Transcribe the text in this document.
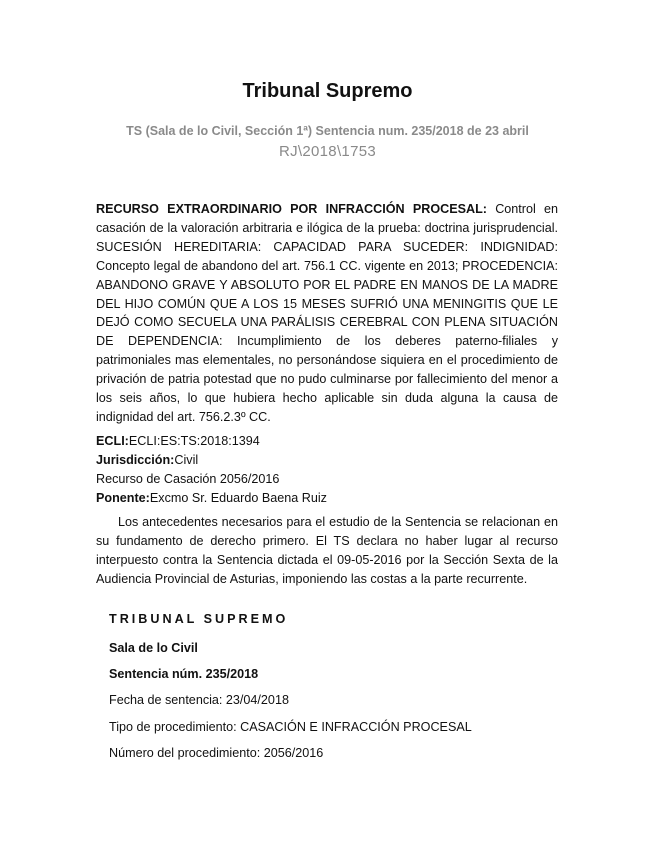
Tribunal Supremo
TS (Sala de lo Civil, Sección 1ª) Sentencia num. 235/2018 de 23 abril
RJ\2018\1753
RECURSO EXTRAORDINARIO POR INFRACCIÓN PROCESAL: Control en casación de la valoración arbitraria e ilógica de la prueba: doctrina jurisprudencial. SUCESIÓN HEREDITARIA: CAPACIDAD PARA SUCEDER: INDIGNIDAD: Concepto legal de abandono del art. 756.1 CC. vigente en 2013; PROCEDENCIA: ABANDONO GRAVE Y ABSOLUTO POR EL PADRE EN MANOS DE LA MADRE DEL HIJO COMÚN QUE A LOS 15 MESES SUFRIÓ UNA MENINGITIS QUE LE DEJÓ COMO SECUELA UNA PARÁLISIS CEREBRAL CON PLENA SITUACIÓN DE DEPENDENCIA: Incumplimiento de los deberes paterno-filiales y patrimoniales mas elementales, no personándose siquiera en el procedimiento de privación de patria potestad que no pudo culminarse por fallecimiento del menor a los seis años, lo que hubiera hecho aplicable sin duda alguna la causa de indignidad del art. 756.2.3º CC.
ECLI:ECLI:ES:TS:2018:1394
Jurisdicción:Civil
Recurso de Casación 2056/2016
Ponente:Excmo Sr. Eduardo Baena Ruiz
Los antecedentes necesarios para el estudio de la Sentencia se relacionan en su fundamento de derecho primero. El TS declara no haber lugar al recurso interpuesto contra la Sentencia dictada el 09-05-2016 por la Sección Sexta de la Audiencia Provincial de Asturias, imponiendo las costas a la parte recurrente.
TRIBUNAL SUPREMO
Sala de lo Civil
Sentencia núm. 235/2018
Fecha de sentencia: 23/04/2018
Tipo de procedimiento: CASACIÓN E INFRACCIÓN PROCESAL
Número del procedimiento: 2056/2016
